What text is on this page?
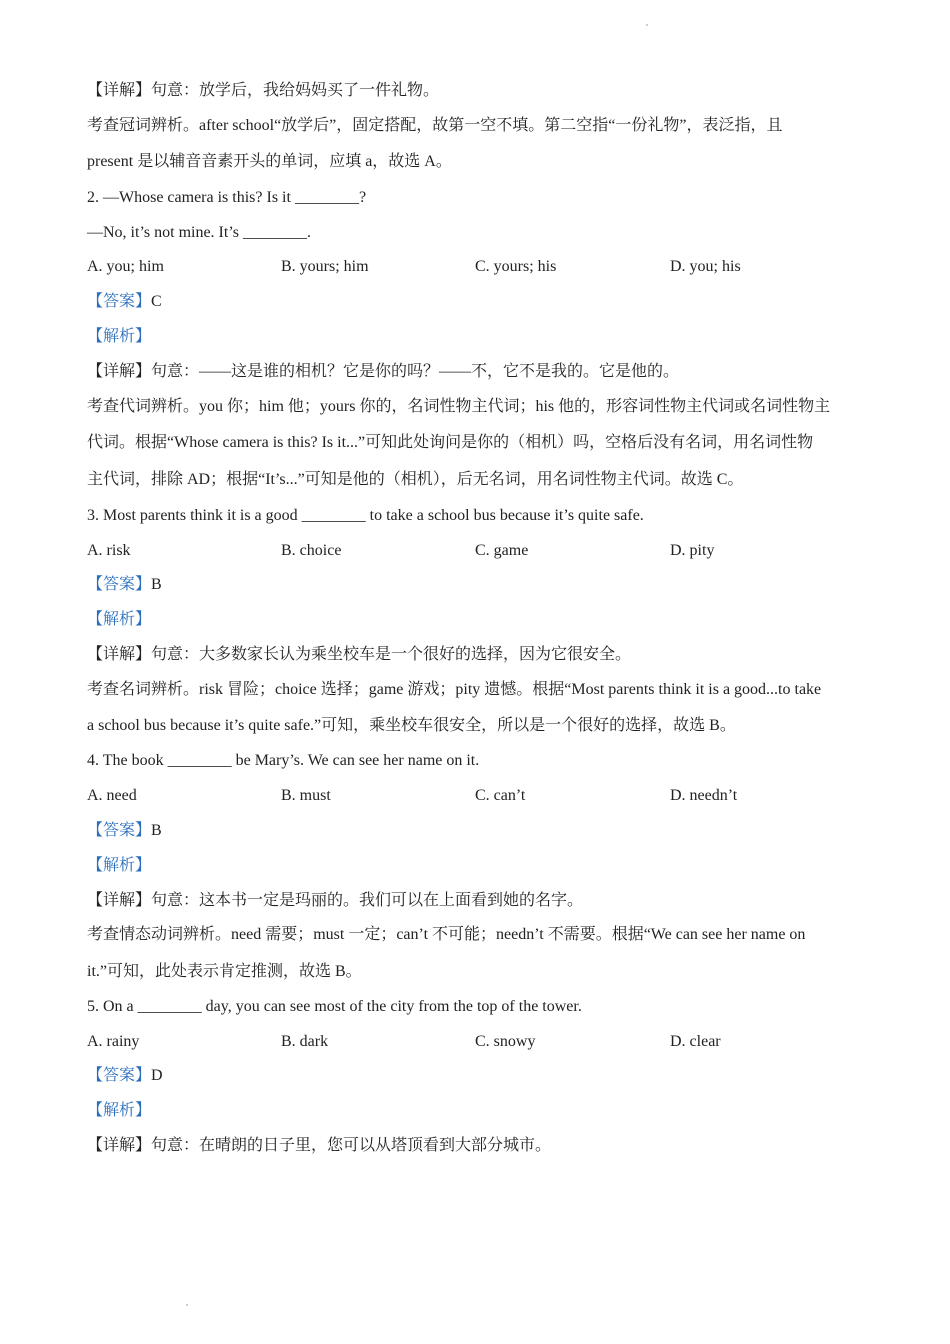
【详解】句意：放学后，我给妈妈买了一件礼物。
考查冠词辨析。after school“放学后”，固定搭配，故第一空不填。第二空指“一份礼物”，表泛指，且
present 是以辅音音素开头的单词，应填 a，故选 A。
2. —Whose camera is this? Is it ________?
—No, it’s not mine. It’s ________.
A. you; him	B. yours; him	C. yours; his	D. you; his
【答案】C
【解析】
【详解】句意：——这是谁的相机？它是你的吗？——不，它不是我的。它是他的。
考查代词辨析。you 你；him 他；yours 你的，名词性物主代词；his 他的，形容词性物主代词或名词性物主
代词。根据“Whose camera is this? Is it...”可知此处询问是你的（相机）吗，空格后没有名词，用名词性物
主代词，排除 AD；根据“It’s...”可知是他的（相机），后无名词，用名词性物主代词。故选 C。
3. Most parents think it is a good ________ to take a school bus because it’s quite safe.
A. risk	B. choice	C. game	D. pity
【答案】B
【解析】
【详解】句意：大多数家长认为乘坐校车是一个很好的选择，因为它很安全。
考查名词辨析。risk 冒险；choice 选择；game 游戏；pity 遗憾。根据“Most parents think it is a good...to take
a school bus because it’s quite safe.”可知，乘坐校车很安全，所以是一个很好的选择，故选 B。
4. The book ________ be Mary’s. We can see her name on it.
A. need	B. must	C. can’t	D. needn’t
【答案】B
【解析】
【详解】句意：这本书一定是玛丽的。我们可以在上面看到她的名字。
考查情态动词辨析。need 需要；must 一定；can’t 不可能；needn’t 不需要。根据“We can see her name on
it.”可知，此处表示肯定推测，故选 B。
5. On a ________ day, you can see most of the city from the top of the tower.
A. rainy	B. dark	C. snowy	D. clear
【答案】D
【解析】
【详解】句意：在晴朗的日子里，您可以从塔顶看到大部分城市。
